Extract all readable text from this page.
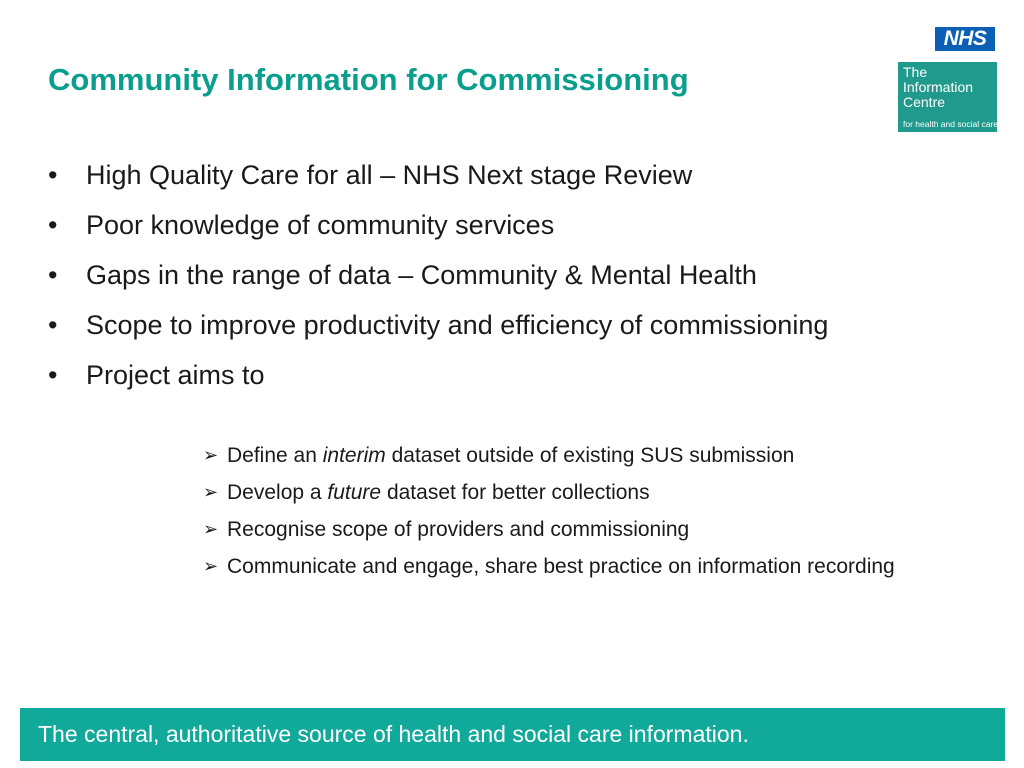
Community Information for Commissioning
NHS
The
Information
Centre
for health and social care
•	High Quality Care for all – NHS Next stage Review
•	Poor knowledge of community services
•	Gaps in the range of data – Community & Mental Health
•	Scope to improve productivity and efficiency of commissioning
•	Project aims to
➢ Define an interim dataset outside of existing SUS submission
➢ Develop a future dataset for better collections
➢ Recognise scope of providers and commissioning
➢ Communicate and engage, share best practice on information recording
The central, authoritative source of health and social care information.
